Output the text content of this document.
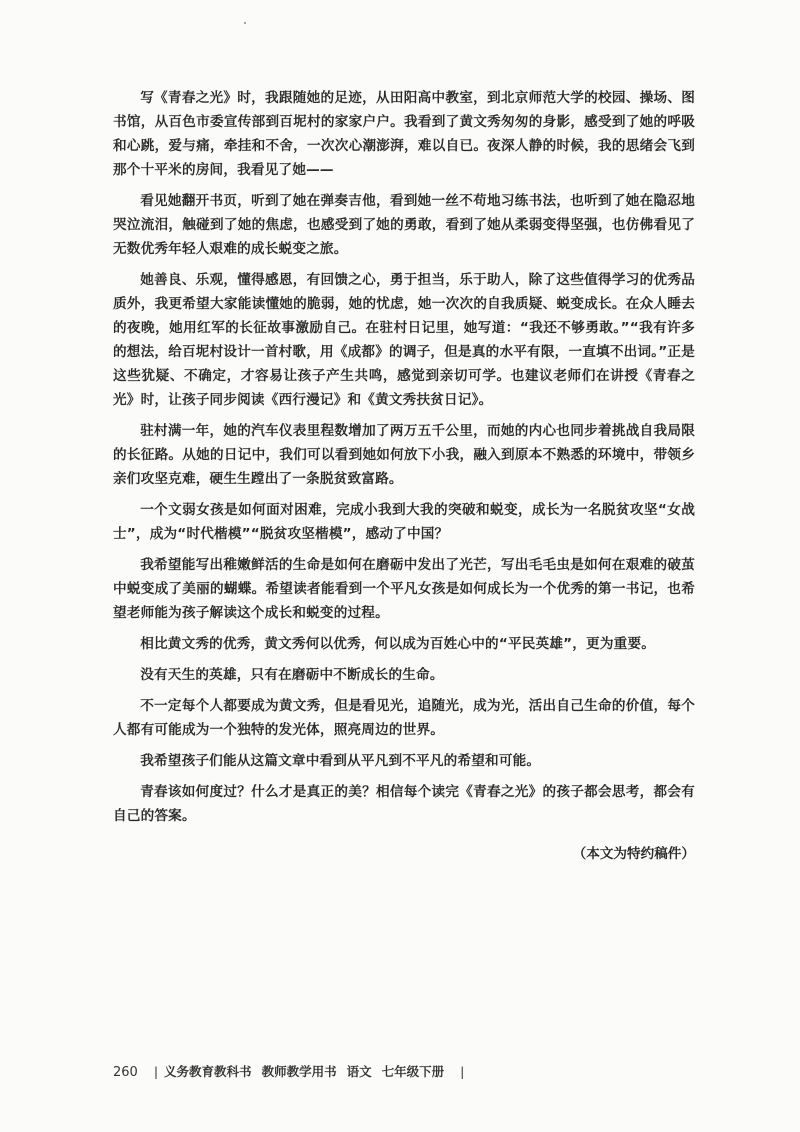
写《青春之光》时，我跟随她的足迹，从田阳高中教室，到北京师范大学的校园、操场、图书馆，从百色市委宣传部到百坭村的家家户户。我看到了黄文秀匆匆的身影，感受到了她的呼吸和心跳，爱与痛，牵挂和不舍，一次次心潮澎湃，难以自已。夜深人静的时候，我的思绪会飞到那个十平米的房间，我看见了她——

看见她翻开书页，听到了她在弹奏吉他，看到她一丝不苟地习练书法，也听到了她在隐忍地哭泣流泪，触碰到了她的焦虑，也感受到了她的勇敢，看到了她从柔弱变得坚强，也仿佛看见了无数优秀年轻人艰难的成长蜕变之旅。

她善良、乐观，懂得感恩，有回馈之心，勇于担当，乐于助人，除了这些值得学习的优秀品质外，我更希望大家能读懂她的脆弱，她的忧虑，她一次次的自我质疑、蜕变成长。在众人睡去的夜晚，她用红军的长征故事激励自己。在驻村日记里，她写道：“我还不够勇敢。”“我有许多的想法，给百坭村设计一首村歌，用《成都》的调子，但是真的水平有限，一直填不出词。”正是这些犹疑、不确定，才容易让孩子产生共鸣，感觉到亲切可学。也建议老师们在讲授《青春之光》时，让孩子同步阅读《西行漫记》和《黄文秀扶贫日记》。

驻村满一年，她的汽车仪表里程数增加了两万五千公里，而她的内心也同步着挑战自我局限的长征路。从她的日记中，我们可以看到她如何放下小我，融入到原本不熟悉的环境中，带领乡亲们攻坚克难，硬生生蹚出了一条脱贫致富路。

一个文弱女孩是如何面对困难，完成小我到大我的突破和蜕变，成长为一名脱贫攻坚“女战士”，成为“时代楷模”“脱贫攻坚楷模”，感动了中国？

我希望能写出稚嫩鲜活的生命是如何在磨砺中发出了光芒，写出毛毛虫是如何在艰难的破茧中蜕变成了美丽的蝴蝶。希望读者能看到一个平凡女孩是如何成长为一个优秀的第一书记，也希望老师能为孩子解读这个成长和蜕变的过程。

相比黄文秀的优秀，黄文秀何以优秀，何以成为百姓心中的“平民英雄”，更为重要。

没有天生的英雄，只有在磨砺中不断成长的生命。

不一定每个人都要成为黄文秀，但是看见光，追随光，成为光，活出自己生命的价值，每个人都有可能成为一个独特的发光体，照亮周边的世界。

我希望孩子们能从这篇文章中看到从平凡到不平凡的希望和可能。

青春该如何度过？什么才是真正的美？相信每个读完《青春之光》的孩子都会思考，都会有自己的答案。

（本文为特约稿件）
260 | 义务教育教科书 教师教学用书 语文 七年级下册 |
